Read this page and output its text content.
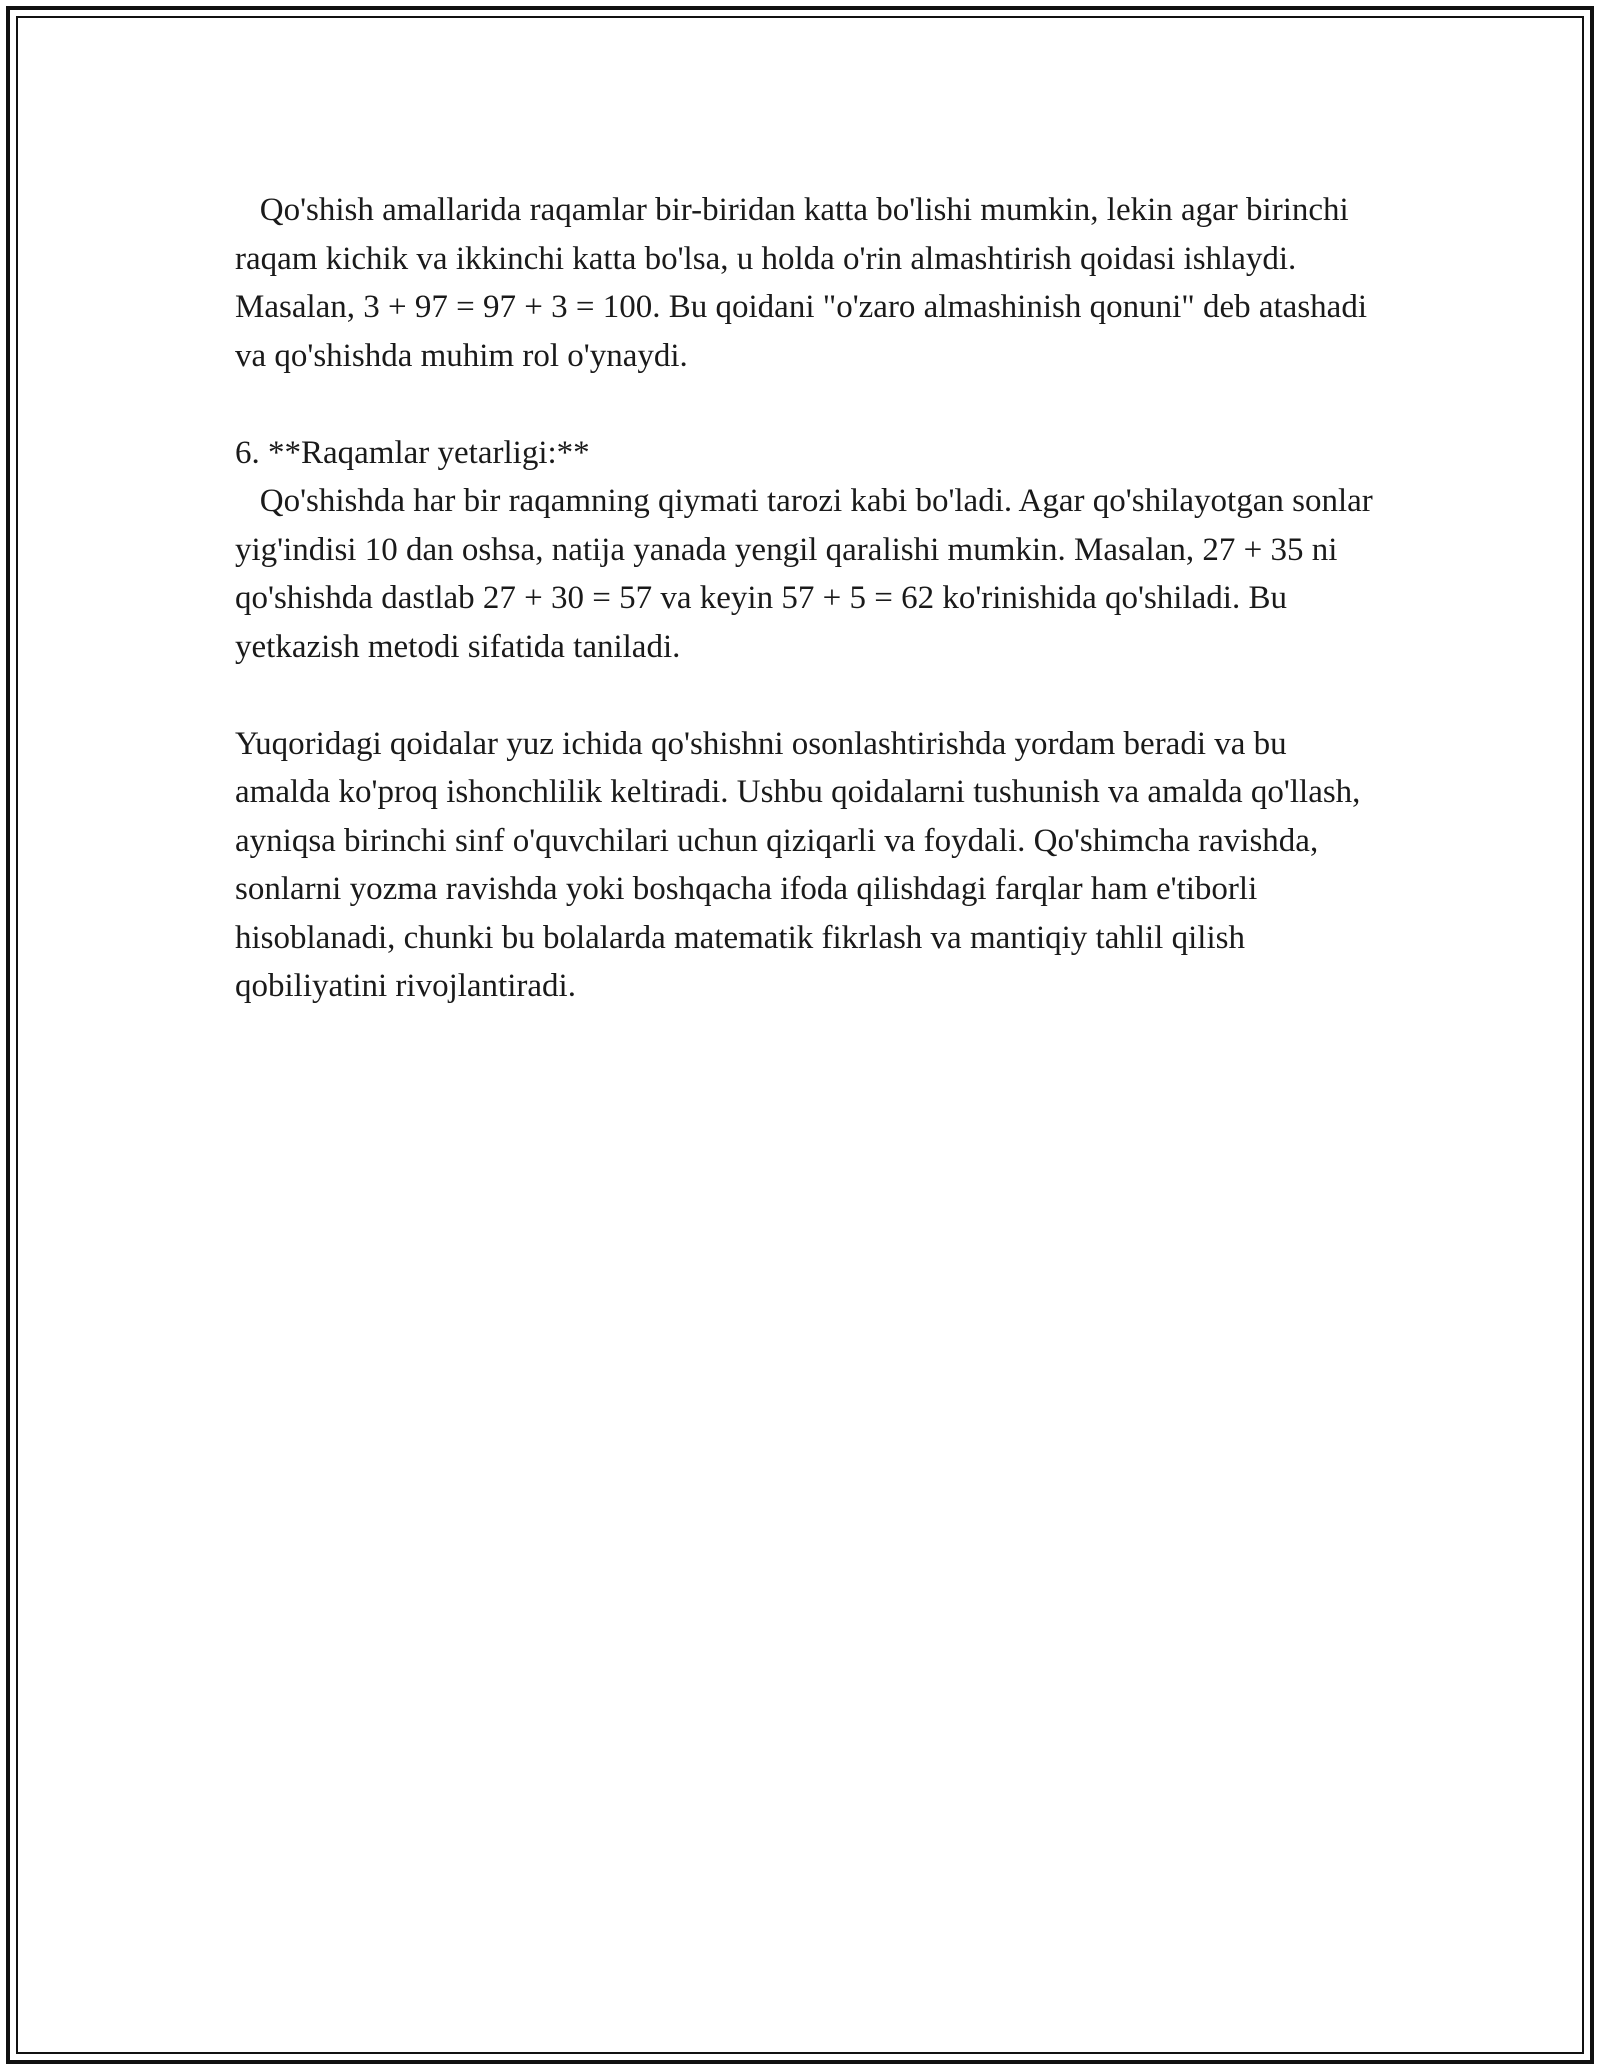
Qo'shish amallarida raqamlar bir-biridan katta bo'lishi mumkin, lekin agar birinchi raqam kichik va ikkinchi katta bo'lsa, u holda o'rin almashtirish qoidasi ishlaydi. Masalan, 3 + 97 = 97 + 3 = 100. Bu qoidani "o'zaro almashinish qonuni" deb atashadi va qo'shishda muhim rol o'ynaydi.

6. **Raqamlar yetarligi:**

Qo'shishda har bir raqamning qiymati tarozi kabi bo'ladi. Agar qo'shilayotgan sonlar yig'indisi 10 dan oshsa, natija yanada yengil qaralishi mumkin. Masalan, 27 + 35 ni qo'shishda dastlab 27 + 30 = 57 va keyin 57 + 5 = 62 ko'rinishida qo'shiladi. Bu yetkazish metodi sifatida taniladi.

Yuqoridagi qoidalar yuz ichida qo'shishni osonlashtirishda yordam beradi va bu amalda ko'proq ishonchlilik keltiradi. Ushbu qoidalarni tushunish va amalda qo'llash, ayniqsa birinchi sinf o'quvchilari uchun qiziqarli va foydali. Qo'shimcha ravishda, sonlarni yozma ravishda yoki boshqacha ifoda qilishdagi farqlar ham e'tiborli hisoblanadi, chunki bu bolalarda matematik fikrlash va mantiqiy tahlil qilish qobiliyatini rivojlantiradi.
